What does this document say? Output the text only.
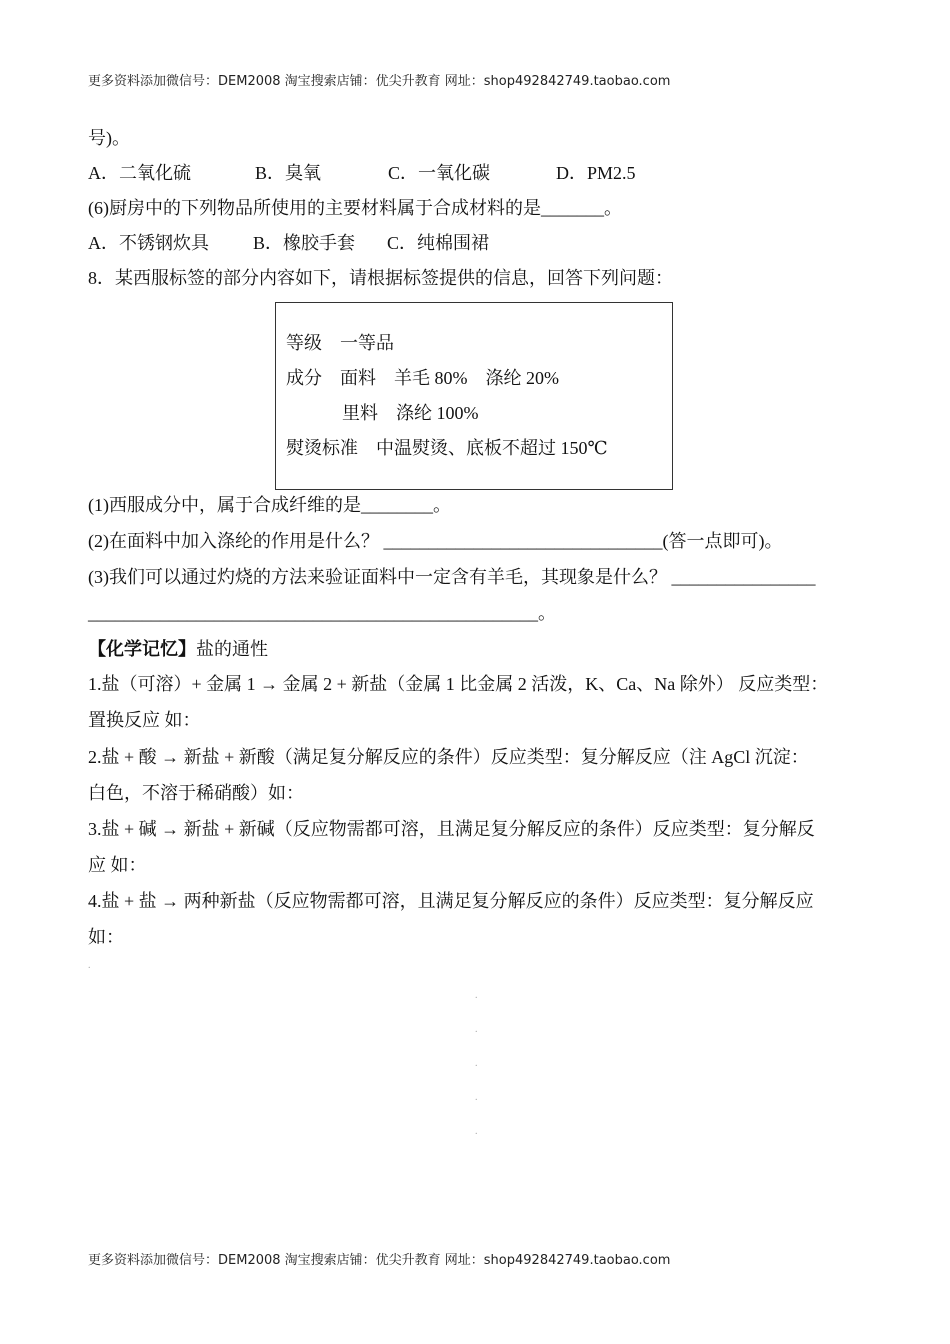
更多资料添加微信号：DEM2008 淘宝搜索店铺：优尖升教育 网址：shop492842749.taobao.com
号)。
A．二氧化硫	B．臭氧	C．一氧化碳	D．PM2.5
(6)厨房中的下列物品所使用的主要材料属于合成材料的是_______。
A．不锈钢炊具 B．橡胶手套 C．纯棉围裙
8．某西服标签的部分内容如下，请根据标签提供的信息，回答下列问题：
等级　一等品
成分　面料　羊毛 80%　涤纶 20%
里料　涤纶 100%
熨烫标准　中温熨烫、底板不超过 150℃
(1)西服成分中，属于合成纤维的是________。
(2)在面料中加入涤纶的作用是什么？ _______________________________(答一点即可)。
(3)我们可以通过灼烧的方法来验证面料中一定含有羊毛，其现象是什么？ ________________
__________________________________________________。
【化学记忆】盐的通性
1.盐（可溶）+ 金属 1 → 金属 2 + 新盐（金属 1 比金属 2 活泼，K、Ca、Na 除外） 反应类型：
置换反应 如：
2.盐 + 酸 → 新盐 + 新酸（满足复分解反应的条件）反应类型：复分解反应（注 AgCl 沉淀：
白色，不溶于稀硝酸）如：
3.盐 + 碱 → 新盐 + 新碱（反应物需都可溶，且满足复分解反应的条件）反应类型：复分解反
应 如：
4.盐 + 盐 → 两种新盐（反应物需都可溶，且满足复分解反应的条件）反应类型：复分解反应
如：
.
.
.
.
.
.
更多资料添加微信号：DEM2008 淘宝搜索店铺：优尖升教育 网址：shop492842749.taobao.com
